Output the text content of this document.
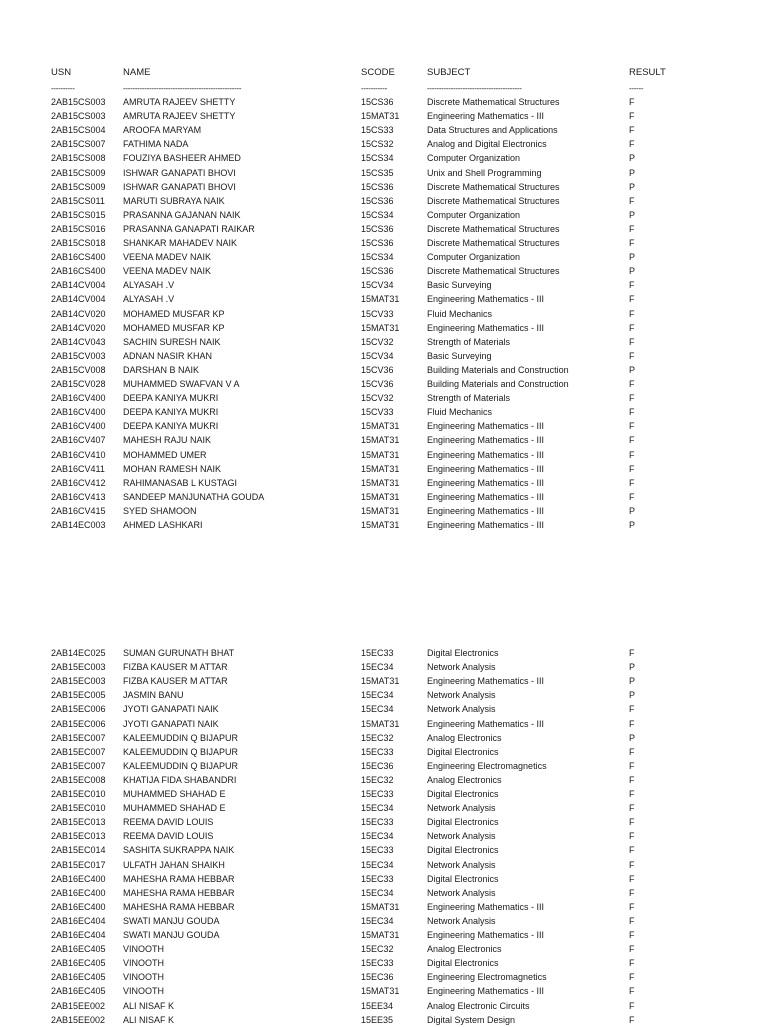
USN	NAME	SCODE	SUBJECT	RESULT
----------	--------------------------------------------------	-----------	----------------------------------------	------
2AB15CS003 AMRUTA RAJEEV SHETTY	15CS36	Discrete Mathematical Structures	F
2AB15CS003 AMRUTA RAJEEV SHETTY	15MAT31	Engineering Mathematics - III	F
2AB15CS004 AROOFA MARYAM	15CS33	Data Structures and Applications	F
2AB15CS007 FATHIMA NADA	15CS32	Analog and Digital Electronics	F
2AB15CS008 FOUZIYA BASHEER AHMED	15CS34	Computer Organization	P
2AB15CS009 ISHWAR GANAPATI BHOVI	15CS35	Unix and Shell Programming	P
2AB15CS009 ISHWAR GANAPATI BHOVI	15CS36	Discrete Mathematical Structures	P
2AB15CS011 MARUTI SUBRAYA NAIK	15CS36	Discrete Mathematical Structures	F
2AB15CS015 PRASANNA GAJANAN NAIK	15CS34	Computer Organization	P
2AB15CS016 PRASANNA GANAPATI RAIKAR	15CS36	Discrete Mathematical Structures	F
2AB15CS018 SHANKAR MAHADEV NAIK	15CS36	Discrete Mathematical Structures	F
2AB16CS400 VEENA MADEV NAIK	15CS34	Computer Organization	P
2AB16CS400 VEENA MADEV NAIK	15CS36	Discrete Mathematical Structures	P
2AB14CV004 ALYASAH .V	15CV34	Basic Surveying	F
2AB14CV004 ALYASAH .V	15MAT31	Engineering Mathematics - III	F
2AB14CV020 MOHAMED MUSFAR KP	15CV33	Fluid Mechanics	F
2AB14CV020 MOHAMED MUSFAR KP	15MAT31	Engineering Mathematics - III	F
2AB14CV043 SACHIN SURESH NAIK	15CV32	Strength of Materials	F
2AB15CV003 ADNAN NASIR KHAN	15CV34	Basic Surveying	F
2AB15CV008 DARSHAN B NAIK	15CV36	Building Materials and Construction	P
2AB15CV028 MUHAMMED SWAFVAN V A	15CV36	Building Materials and Construction	F
2AB16CV400 DEEPA KANIYA MUKRI	15CV32	Strength of Materials	F
2AB16CV400 DEEPA KANIYA MUKRI	15CV33	Fluid Mechanics	F
2AB16CV400 DEEPA KANIYA MUKRI	15MAT31	Engineering Mathematics - III	F
2AB16CV407 MAHESH RAJU NAIK	15MAT31	Engineering Mathematics - III	F
2AB16CV410 MOHAMMED UMER	15MAT31	Engineering Mathematics - III	F
2AB16CV411 MOHAN RAMESH NAIK	15MAT31	Engineering Mathematics - III	F
2AB16CV412 RAHIMANASAB L KUSTAGI	15MAT31	Engineering Mathematics - III	F
2AB16CV413 SANDEEP MANJUNATHA GOUDA	15MAT31	Engineering Mathematics - III	F
2AB16CV415 SYED SHAMOON	15MAT31	Engineering Mathematics - III	P
2AB14EC003 AHMED LASHKARI	15MAT31	Engineering Mathematics - III	P
2AB14EC025 SUMAN GURUNATH BHAT	15EC33	Digital Electronics	F
2AB15EC003 FIZBA KAUSER M ATTAR	15EC34	Network Analysis	P
2AB15EC003 FIZBA KAUSER M ATTAR	15MAT31	Engineering Mathematics - III	P
2AB15EC005 JASMIN BANU	15EC34	Network Analysis	P
2AB15EC006 JYOTI GANAPATI NAIK	15EC34	Network Analysis	F
2AB15EC006 JYOTI GANAPATI NAIK	15MAT31	Engineering Mathematics - III	F
2AB15EC007 KALEEMUDDIN Q BIJAPUR	15EC32	Analog Electronics	P
2AB15EC007 KALEEMUDDIN Q BIJAPUR	15EC33	Digital Electronics	F
2AB15EC007 KALEEMUDDIN Q BIJAPUR	15EC36	Engineering Electromagnetics	F
2AB15EC008 KHATIJA FIDA SHABANDRI	15EC32	Analog Electronics	F
2AB15EC010 MUHAMMED SHAHAD E	15EC33	Digital Electronics	F
2AB15EC010 MUHAMMED SHAHAD E	15EC34	Network Analysis	F
2AB15EC013 REEMA DAVID LOUIS	15EC33	Digital Electronics	F
2AB15EC013 REEMA DAVID LOUIS	15EC34	Network Analysis	F
2AB15EC014 SASHITA SUKRAPPA NAIK	15EC33	Digital Electronics	F
2AB15EC017 ULFATH JAHAN SHAIKH	15EC34	Network Analysis	F
2AB16EC400 MAHESHA RAMA HEBBAR	15EC33	Digital Electronics	F
2AB16EC400 MAHESHA RAMA HEBBAR	15EC34	Network Analysis	F
2AB16EC400 MAHESHA RAMA HEBBAR	15MAT31	Engineering Mathematics - III	F
2AB16EC404 SWATI MANJU GOUDA	15EC34	Network Analysis	F
2AB16EC404 SWATI MANJU GOUDA	15MAT31	Engineering Mathematics - III	F
2AB16EC405 VINOOTH	15EC32	Analog Electronics	F
2AB16EC405 VINOOTH	15EC33	Digital Electronics	F
2AB16EC405 VINOOTH	15EC36	Engineering Electromagnetics	F
2AB16EC405 VINOOTH	15MAT31	Engineering Mathematics - III	F
2AB15EE002 ALI NISAF K	15EE34	Analog Electronic Circuits	F
2AB15EE002 ALI NISAF K	15EE35	Digital System Design	F
